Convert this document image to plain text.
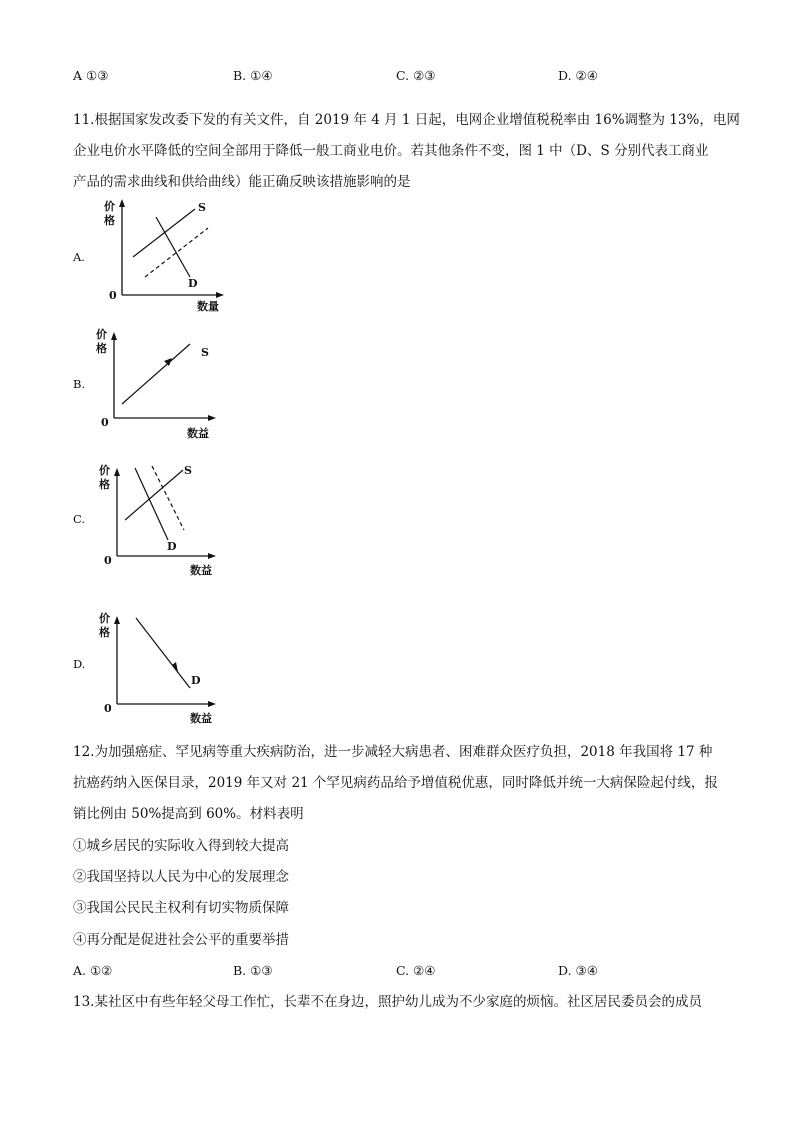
A ①③	B. ①④	C. ②③	D. ②④
11.根据国家发改委下发的有关文件，自 2019 年 4 月 1 日起，电网企业增值税税率由 16%调整为 13%，电网
企业电价水平降低的空间全部用于降低一般工商业电价。若其他条件不变，图 1 中（D、S 分别代表工商业
产品的需求曲线和供给曲线）能正确反映该措施影响的是
A.
价
格
0
数量
S
D
B.
价
格
0
数益
S
C.
价
格
0
数益
S
D
D.
价
格
0
数益
D
12.为加强癌症、罕见病等重大疾病防治，进一步减轻大病患者、困难群众医疗负担，2018 年我国将 17 种
抗癌药纳入医保目录，2019 年又对 21 个罕见病药品给予增值税优惠，同时降低并统一大病保险起付线，报
销比例由 50%提高到 60%。材料表明
①城乡居民的实际收入得到较大提高
②我国坚持以人民为中心的发展理念
③我国公民民主权利有切实物质保障
④再分配是促进社会公平的重要举措
A. ①②	B. ①③	C. ②④	D. ③④
13.某社区中有些年轻父母工作忙，长辈不在身边，照护幼儿成为不少家庭的烦恼。社区居民委员会的成员
